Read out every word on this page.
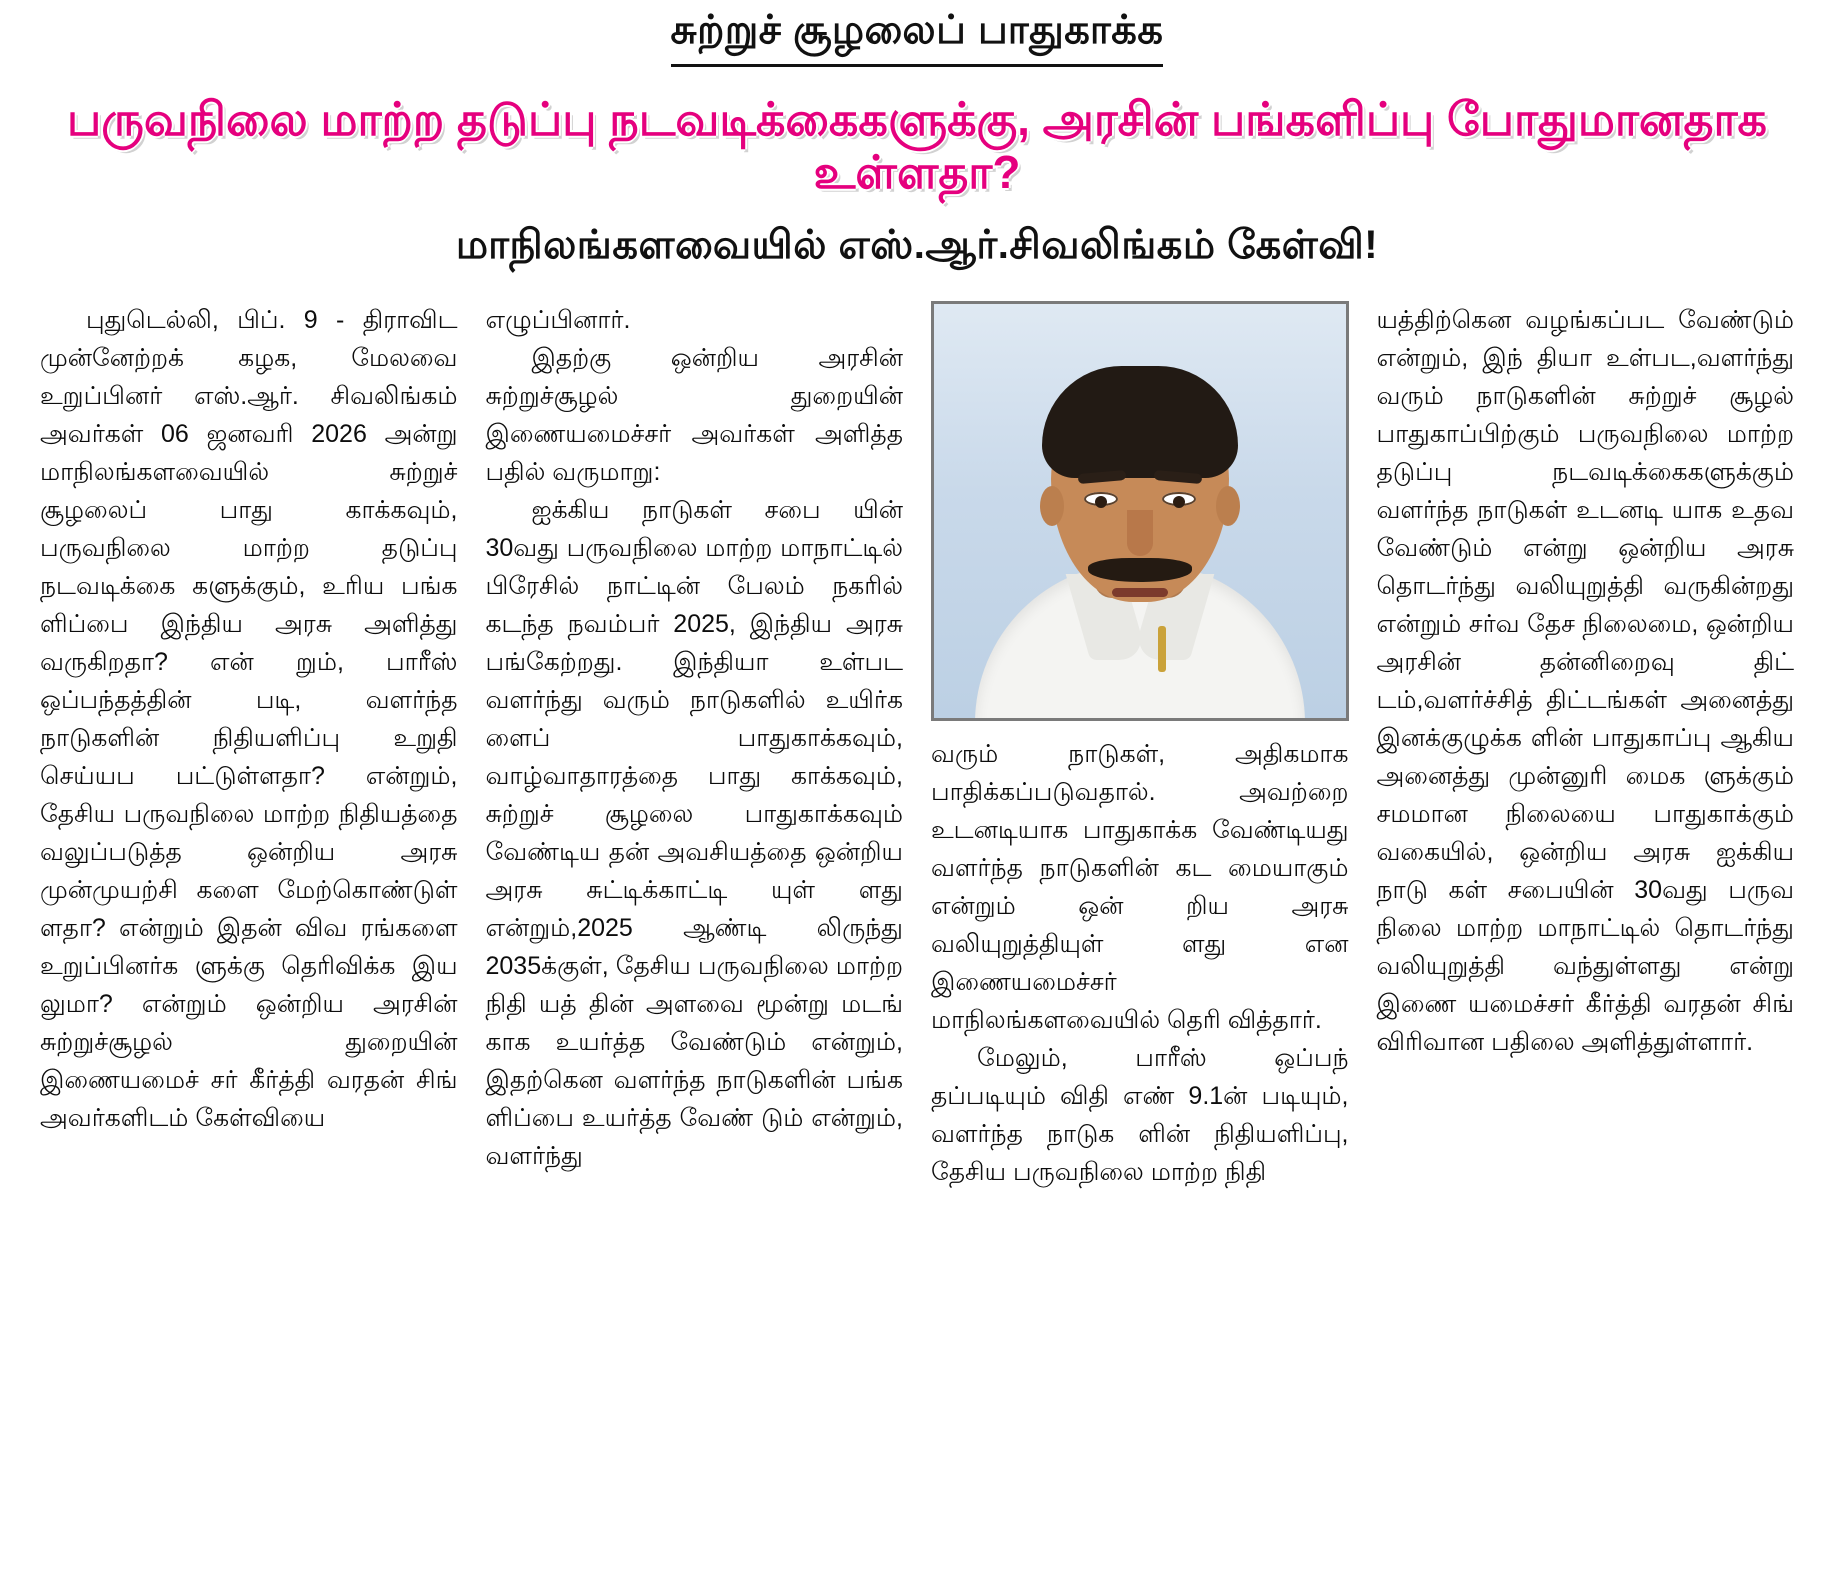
சுற்றுச் சூழலைப் பாதுகாக்க
பருவநிலை மாற்ற தடுப்பு நடவடிக்கைகளுக்கு, அரசின் பங்களிப்பு போதுமானதாக உள்ளதா?
மாநிலங்களவையில் எஸ்.ஆர்.சிவலிங்கம் கேள்வி!

புதுடெல்லி, பிப். 9 - திராவிட முன்னேற்றக் கழக, மேலவை உறுப்பினர் எஸ்.ஆர். சிவலிங்கம் அவர்கள் 06 ஜனவரி 2026 அன்று மாநிலங்களவையில் சுற்றுச் சூழலைப் பாது காக்கவும், பருவநிலை மாற்ற தடுப்பு நடவடிக்கை களுக்கும், உரிய பங்க ளிப்பை இந்திய அரசு அளித்து வருகிறதா? என் றும், பாரீஸ் ஒப்பந்தத்தின் படி, வளர்ந்த நாடுகளின் நிதியளிப்பு உறுதி செய்யப பட்டுள்ளதா? என்றும், தேசிய பருவநிலை மாற்ற நிதியத்தை வலுப்படுத்த ஒன்றிய அரசு முன்முயற்சி களை மேற்கொண்டுள் ளதா? என்றும் இதன் விவ ரங்களை உறுப்பினர்க ளுக்கு தெரிவிக்க இய லுமா? என்றும் ஒன்றிய அரசின் சுற்றுச்சூழல் துறையின் இணையமைச் சர் கீர்த்தி வரதன் சிங் அவர்களிடம் கேள்வியை

எழுப்பினார்.

இதற்கு ஒன்றிய அரசின் சுற்றுச்சூழல் துறையின் இணையமைச்சர் அவர்கள் அளித்த பதில் வருமாறு:

ஐக்கிய நாடுகள் சபை யின் 30வது பருவநிலை மாற்ற மாநாட்டில் பிரேசில் நாட்டின் பேலம் நகரில் கடந்த நவம்பர் 2025, இந்திய அரசு பங்கேற்றது. இந்தியா உள்பட வளர்ந்து வரும் நாடுகளில் உயிர்க ளைப் பாதுகாக்கவும், வாழ்வாதாரத்தை பாது காக்கவும், சுற்றுச் சூழலை பாதுகாக்கவும் வேண்டிய தன் அவசியத்தை ஒன்றிய அரசு சுட்டிக்காட்டி யுள் ளது என்றும்,2025 ஆண்டி லிருந்து 2035க்குள், தேசிய பருவநிலை மாற்ற நிதி யத் தின் அளவை மூன்று மடங் காக உயர்த்த வேண்டும் என்றும், இதற்கென வளர்ந்த நாடுகளின் பங்க ளிப்பை உயர்த்த வேண் டும் என்றும், வளர்ந்து

வரும் நாடுகள், அதிகமாக பாதிக்கப்படுவதால். அவற்றை உடனடியாக பாதுகாக்க வேண்டியது வளர்ந்த நாடுகளின் கட மையாகும் என்றும் ஒன் றிய அரசு வலியுறுத்தியுள் ளது என இணையமைச்சர் மாநிலங்களவையில் தெரி வித்தார்.

மேலும், பாரீஸ் ஒப்பந் தப்படியும் விதி எண் 9.1ன் படியும், வளர்ந்த நாடுக ளின் நிதியளிப்பு, தேசிய பருவநிலை மாற்ற நிதி

யத்திற்கென வழங்கப்பட வேண்டும் என்றும், இந் தியா உள்பட,வளர்ந்து வரும் நாடுகளின் சுற்றுச் சூழல் பாதுகாப்பிற்கும் பருவநிலை மாற்ற தடுப்பு நடவடிக்கைகளுக்கும் வளர்ந்த நாடுகள் உடனடி யாக உதவ வேண்டும் என்று ஒன்றிய அரசு தொடர்ந்து வலியுறுத்தி வருகின்றது என்றும் சர்வ தேச நிலைமை, ஒன்றிய அரசின் தன்னிறைவு திட் டம்,வளர்ச்சித் திட்டங்கள் அனைத்து இனக்குழுக்க ளின் பாதுகாப்பு ஆகிய அனைத்து முன்னுரி மைக ளுக்கும் சமமான நிலையை பாதுகாக்கும் வகையில், ஒன்றிய அரசு ஐக்கிய நாடு கள் சபையின் 30வது பருவ நிலை மாற்ற மாநாட்டில் தொடர்ந்து வலியுறுத்தி வந்துள்ளது என்று இணை யமைச்சர் கீர்த்தி வரதன் சிங் விரிவான பதிலை அளித்துள்ளார்.
